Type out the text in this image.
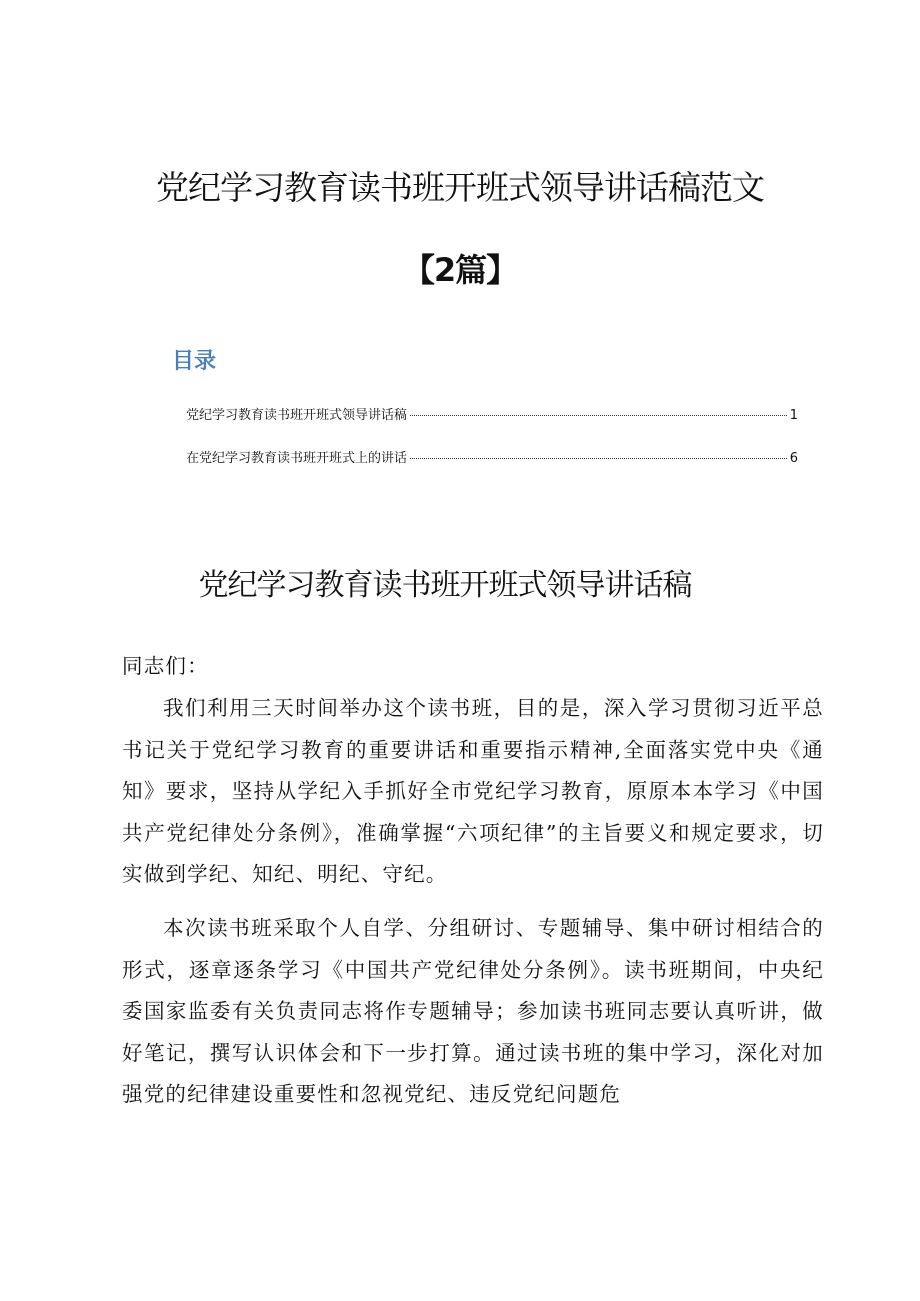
党纪学习教育读书班开班式领导讲话稿范文
【2篇】
目录
党纪学习教育读书班开班式领导讲话稿	1
在党纪学习教育读书班开班式上的讲话	6
党纪学习教育读书班开班式领导讲话稿

同志们：

我们利用三天时间举办这个读书班，目的是，深入学习贯彻习近平总书记关于党纪学习教育的重要讲话和重要指示精神,全面落实党中央《通知》要求，坚持从学纪入手抓好全市党纪学习教育，原原本本学习《中国共产党纪律处分条例》，准确掌握“六项纪律”的主旨要义和规定要求，切实做到学纪、知纪、明纪、守纪。

本次读书班采取个人自学、分组研讨、专题辅导、集中研讨相结合的形式，逐章逐条学习《中国共产党纪律处分条例》。读书班期间，中央纪委国家监委有关负责同志将作专题辅导；参加读书班同志要认真听讲，做好笔记，撰写认识体会和下一步打算。通过读书班的集中学习，深化对加强党的纪律建设重要性和忽视党纪、违反党纪问题危
